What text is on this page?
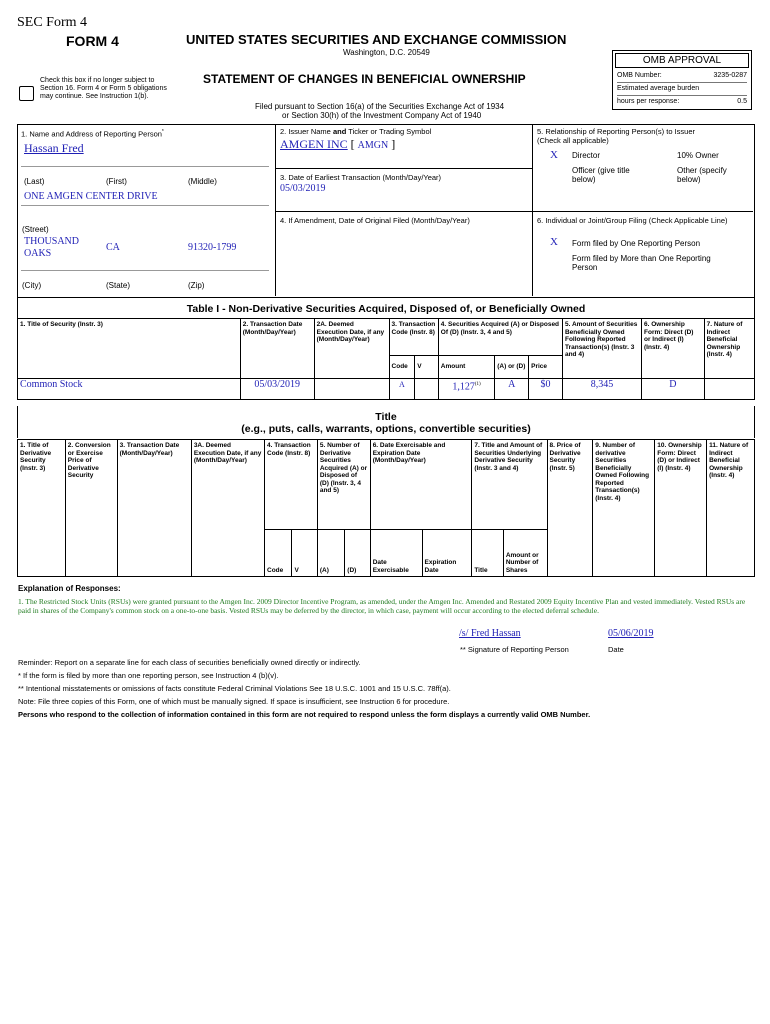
SEC Form 4
FORM 4	UNITED STATES SECURITIES AND EXCHANGE COMMISSION
Washington, D.C. 20549
Check this box if no longer subject to Section 16. Form 4 or Form 5 obligations may continue. See Instruction 1(b).
STATEMENT OF CHANGES IN BENEFICIAL OWNERSHIP
Filed pursuant to Section 16(a) of the Securities Exchange Act of 1934
or Section 30(h) of the Investment Company Act of 1940
OMB APPROVAL
OMB Number:	3235-0287
Estimated average burden
hours per response:	0.5
1. Name and Address of Reporting Person*
Hassan Fred
(Last)	(First)	(Middle)
ONE AMGEN CENTER DRIVE
(Street)
THOUSAND OAKS
CA	91320-1799
(City)	(State)	(Zip)
2. Issuer Name and Ticker or Trading Symbol
AMGEN INC [ AMGN ]
3. Date of Earliest Transaction (Month/Day/Year)
05/03/2019
4. If Amendment, Date of Original Filed (Month/Day/Year)
5. Relationship of Reporting Person(s) to Issuer
(Check all applicable)
X Director	10% Owner
Officer (give title below)
Other (specify below)
6. Individual or Joint/Group Filing (Check Applicable Line)
X Form filed by One Reporting Person
Form filed by More than One Reporting Person
Table I - Non-Derivative Securities Acquired, Disposed of, or Beneficially Owned
1. Title of Security (Instr. 3)	2. Transaction Date (Month/Day/Year)	2A. Deemed Execution Date, if any (Month/Day/Year)	3. Transaction Code (Instr. 8)		4. Securities Acquired (A) or Disposed Of (D) (Instr. 3, 4 and 5)			5. Amount of Securities Beneficially Owned Following Reported Transaction(s) (Instr. 3 and 4)	6. Ownership Form: Direct (D) or Indirect (I) (Instr. 4)	7. Nature of Indirect Beneficial Ownership (Instr. 4)
			Code	V	Amount	(A) or (D)	Price			
Common Stock	05/03/2019		A		1,127$^{(1)}$	A	$0	8,345	D	
Title
(e.g., puts, calls, warrants, options, convertible securities)
1. Title of Derivative Security (Instr. 3)	2. Conversion or Exercise Price of Derivative Security	3. Transaction Date (Month/Day/Year)	3A. Deemed Execution Date, if any (Month/Day/Year)	4. Transaction Code (Instr. 8)		5. Number of Derivative Securities Acquired (A) or Disposed of (D) (Instr. 3, 4 and 5)		6. Date Exercisable and Expiration Date (Month/Day/Year)		7. Title and Amount of Securities Underlying Derivative Security (Instr. 3 and 4)		8. Price of Derivative Security (Instr. 5)	9. Number of derivative Securities Beneficially Owned Following Reported Transaction(s) (Instr. 4)	10. Ownership Form: Direct (D) or Indirect (I) (Instr. 4)	11. Nature of Indirect Beneficial Ownership (Instr. 4)
				Code	V	(A)	(D)	Date Exercisable	Expiration Date	Title	Amount or Number of Shares				
Explanation of Responses:
1. The Restricted Stock Units (RSUs) were granted pursuant to the Amgen Inc. 2009 Director Incentive Program, as amended, under the Amgen Inc. Amended and Restated 2009 Equity Incentive Plan and vested immediately. Vested RSUs are paid in shares of the Company's common stock on a one-to-one basis. Vested RSUs may be deferred by the director, in which case, payment will occur according to the elected deferral schedule.
/s/ Fred Hassan	05/06/2019
** Signature of Reporting Person	Date
Reminder: Report on a separate line for each class of securities beneficially owned directly or indirectly.
* If the form is filed by more than one reporting person, see Instruction 4 (b)(v).
** Intentional misstatements or omissions of facts constitute Federal Criminal Violations See 18 U.S.C. 1001 and 15 U.S.C. 78ff(a).
Note: File three copies of this Form, one of which must be manually signed. If space is insufficient, see Instruction 6 for procedure.
Persons who respond to the collection of information contained in this form are not required to respond unless the form displays a currently valid OMB Number.
